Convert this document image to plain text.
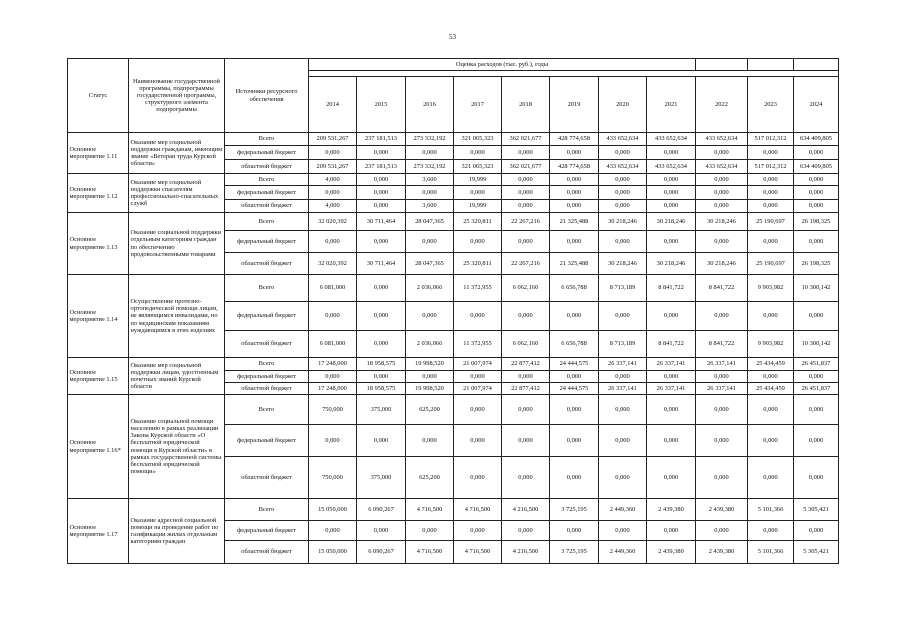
53
Статус	Наименование государственной программы, подпрограммы государственной программы, структурного элемента подпрограммы	Источники ресурсного обеспечения	Оценка расходов (тыс. руб.), годы										

			2014	2015	2016	2017	2018	2019	2020	2021	2022	2023	2024
Основное мероприятие 1.11	Оказание мер социальной поддержки гражданам, имеющим звание «Ветеран труда Курской области»	Всего	209 531,267	237 181,513	273 332,192	321 065,323	362 021,677	428 774,658	433 652,634	433 652,634	433 652,634	517 012,312	634 409,805
		федеральный бюджет	0,000	0,000	0,000	0,000	0,000	0,000	0,000	0,000	0,000	0,000	0,000
		областной бюджет	209 531,267	237 181,513	273 332,192	321 065,323	362 021,677	428 774,658	433 652,634	433 652,634	433 652,634	517 012,312	634 409,805
Основное мероприятие 1.12	Оказание мер социальной поддержки спасателям профессионально-спасательных служб	Всего	4,000	0,000	3,600	19,999	0,000	0,000	0,000	0,000	0,000	0,000	0,000
		федеральный бюджет	0,000	0,000	0,000	0,000	0,000	0,000	0,000	0,000	0,000	0,000	0,000
		областной бюджет	4,000	0,000	3,600	19,999	0,000	0,000	0,000	0,000	0,000	0,000	0,000
Основное мероприятие 1.13	Оказание социальной поддержки отдельным категориям граждан по обеспечению продовольственными товарами	Всего	32 020,392	30 711,464	28 047,365	25 320,811	22 267,216	21 325,488	30 218,246	30 218,246	30 218,246	25 190,697	26 198,325
		федеральный бюджет	0,000	0,000	0,000	0,000	0,000	0,000	0,000	0,000	0,000	0,000	0,000
		областной бюджет	32 020,392	30 711,464	28 047,365	25 320,811	22 267,216	21 325,488	30 218,246	30 218,246	30 218,246	25 190,697	26 198,325
Основное мероприятие 1.14	Осуществление протезно-ортопедической помощи лицам, не являющимся инвалидами, но по медицинским показаниям нуждающимся в этих изделиях	Всего	6 081,000	0,000	2 036,066	11 372,955	6 062,160	6 656,788	8 713,189	8 841,722	8 841,722	9 903,982	10 300,142
		федеральный бюджет	0,000	0,000	0,000	0,000	0,000	0,000	0,000	0,000	0,000	0,000	0,000
		областной бюджет	6 081,000	0,000	2 036,066	11 372,955	6 062,160	6 656,788	8 713,189	8 841,722	8 841,722	9 903,982	10 300,142
Основное мероприятие 1.15	Оказание мер социальной поддержки лицам, удостоенным почетных званий Курской области	Всего	17 248,000	18 958,575	19 998,520	21 007,974	22 877,412	24 444,575	26 337,141	26 337,141	26 337,141	25 434,459	26 451,837
		федеральный бюджет	0,000	0,000	0,000	0,000	0,000	0,000	0,000	0,000	0,000	0,000	0,000
		областной бюджет	17 248,000	18 958,575	19 998,520	21 007,974	22 877,412	24 444,575	26 337,141	26 337,141	26 337,141	25 434,459	26 451,837
Основное мероприятие 1.16*	Оказание социальной помощи населению в рамках реализации Закона Курской области «О бесплатной юридической помощи в Курской области» в рамках государственной системы бесплатной юридической помощи»	Всего	750,000	375,000	625,200	0,000	0,000	0,000	0,000	0,000	0,000	0,000	0,000
		федеральный бюджет	0,000	0,000	0,000	0,000	0,000	0,000	0,000	0,000	0,000	0,000	0,000
		областной бюджет	750,000	375,000	625,200	0,000	0,000	0,000	0,000	0,000	0,000	0,000	0,000
Основное мероприятие 1.17	Оказание адресной социальной помощи на проведение работ по газификации жилых отдельным категориям граждан	Всего	15 050,000	6 090,267	4 716,500	4 716,500	4 216,500	3 725,195	2 449,360	2 439,380	2 439,380	5 101,366	5 305,421
		федеральный бюджет	0,000	0,000	0,000	0,000	0,000	0,000	0,000	0,000	0,000	0,000	0,000
		областной бюджет	15 050,000	6 090,267	4 716,500	4 716,500	4 216,500	3 725,195	2 449,360	2 439,380	2 439,380	5 101,366	5 305,421
